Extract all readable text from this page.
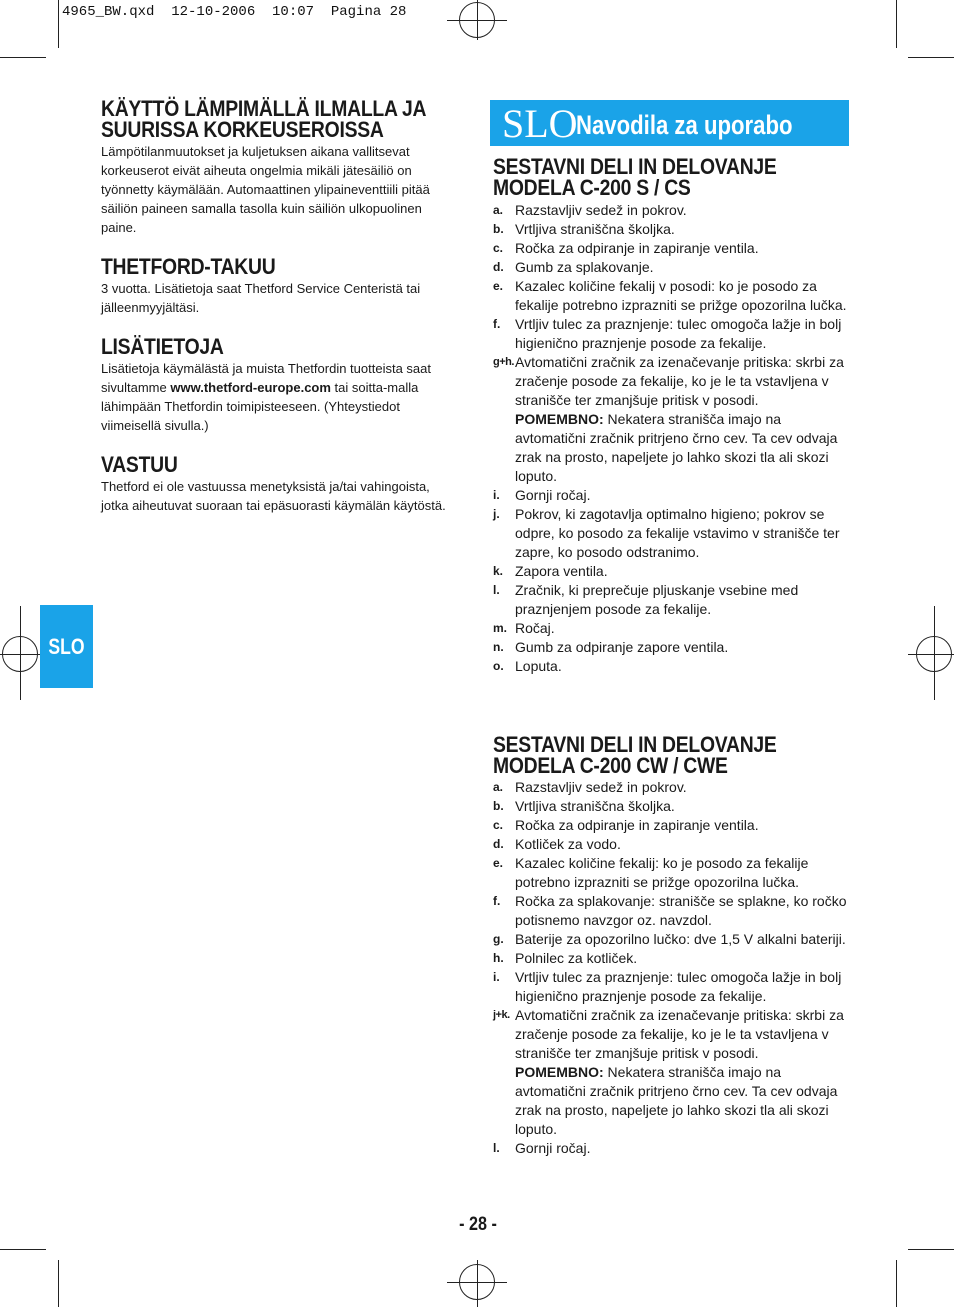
4965_BW.qxd  12-10-2006  10:07  Pagina 28
KÄYTTÖ LÄMPIMÄLLÄ ILMALLA JA SUURISSA KORKEUSEROISSA

Lämpötilanmuutokset ja kuljetuksen aikana vallitsevat korkeuserot eivät aiheuta ongelmia mikäli jätesäiliö on työnnetty käymälään. Automaattinen ylipaineventtiili pitää säiliön paineen samalla tasolla kuin säiliön ulkopuolinen paine.

THETFORD-TAKUU

3 vuotta. Lisätietoja saat Thetford Service Centeristä tai jälleenmyyjältäsi.

LISÄTIETOJA

Lisätietoja käymälästä ja muista Thetfordin tuotteista saat sivultamme www.thetford-europe.com tai soitta-malla lähimpään Thetfordin toimipisteeseen. (Yhteystiedot viimeisellä sivulla.)

VASTUU

Thetford ei ole vastuussa menetyksistä ja/tai vahingoista, jotka aiheutuvat suoraan tai epäsuorasti käymälän käytöstä.

SLO
Navodila za uporabo
SESTAVNI DELI IN DELOVANJE
MODELA C-200 S / CS
a. Razstavljiv sedež in pokrov.
b. Vrtljiva straniščna školjka.
c. Ročka za odpiranje in zapiranje ventila.
d. Gumb za splakovanje.
e. Kazalec količine fekalij v posodi: ko je posodo za fekalije potrebno izprazniti se prižge opozorilna lučka.
f. Vrtljiv tulec za praznjenje: tulec omogoča lažje in bolj higienično praznjenje posode za fekalije.
g+h. Avtomatični zračnik za izenačevanje pritiska: skrbi za zračenje posode za fekalije, ko je le ta vstavljena v stranišče ter zmanjšuje pritisk v posodi.
POMEMBNO: Nekatera stranišča imajo na avtomatični zračnik pritrjeno črno cev. Ta cev odvaja zrak na prosto, napeljete jo lahko skozi tla ali skozi loputo.
i. Gornji ročaj.
j. Pokrov, ki zagotavlja optimalno higieno; pokrov se odpre, ko posodo za fekalije vstavimo v stranišče ter zapre, ko posodo odstranimo.
k. Zapora ventila.
l. Zračnik, ki preprečuje pljuskanje vsebine med praznjenjem posode za fekalije.
m. Ročaj.
n. Gumb za odpiranje zapore ventila.
o. Loputa.
SESTAVNI DELI IN DELOVANJE
MODELA C-200 CW / CWE
a. Razstavljiv sedež in pokrov.
b. Vrtljiva straniščna školjka.
c. Ročka za odpiranje in zapiranje ventila.
d. Kotliček za vodo.
e. Kazalec količine fekalij: ko je posodo za fekalije potrebno izprazniti se prižge opozorilna lučka.
f. Ročka za splakovanje: stranišče se splakne, ko ročko potisnemo navzgor oz. navzdol.
g. Baterije za opozorilno lučko: dve 1,5 V alkalni bateriji.
h. Polnilec za kotliček.
i. Vrtljiv tulec za praznjenje: tulec omogoča lažje in bolj higienično praznjenje posode za fekalije.
j+k. Avtomatični zračnik za izenačevanje pritiska: skrbi za zračenje posode za fekalije, ko je le ta vstavljena v stranišče ter zmanjšuje pritisk v posodi.
POMEMBNO: Nekatera stranišča imajo na avtomatični zračnik pritrjeno črno cev. Ta cev odvaja zrak na prosto, napeljete jo lahko skozi tla ali skozi loputo.
l. Gornji ročaj.
SLO
- 28 -
